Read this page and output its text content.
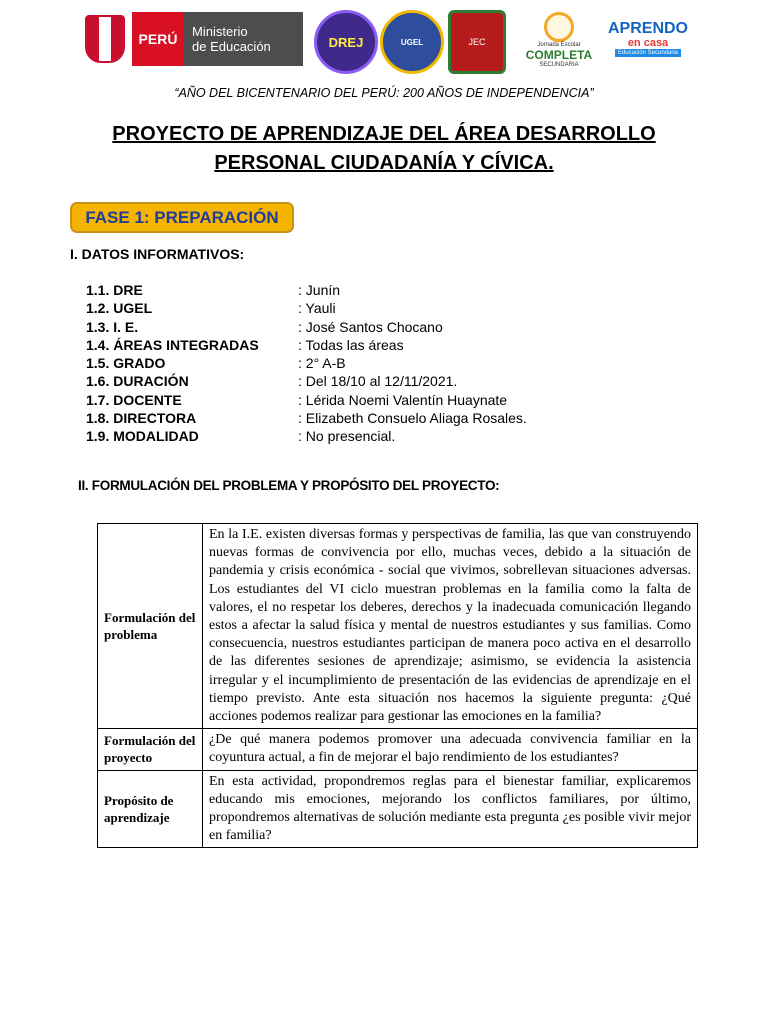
PERÚ	Ministerio
de Educación	DREJ	UGEL	JEC	Jornada Escolar
COMPLETA
SECUNDARIA
APRENDO
en casa
Educación Secundaria
“AÑO DEL BICENTENARIO DEL PERÚ: 200 AÑOS DE INDEPENDENCIA”
PROYECTO DE APRENDIZAJE DEL ÁREA DESARROLLO PERSONAL CIUDADANÍA Y CÍVICA.
FASE 1: PREPARACIÓN
I. DATOS INFORMATIVOS:
1.1. DRE	: Junín
1.2. UGEL	: Yauli
1.3. I. E.	: José Santos Chocano
1.4. ÁREAS INTEGRADAS	: Todas las áreas
1.5. GRADO	: 2° A-B
1.6. DURACIÓN	: Del 18/10 al 12/11/2021.
1.7. DOCENTE	: Lérida Noemi Valentín Huaynate
1.8. DIRECTORA	: Elizabeth Consuelo Aliaga Rosales.
1.9. MODALIDAD	: No presencial.
II. FORMULACIÓN DEL PROBLEMA Y PROPÓSITO DEL PROYECTO:
Formulación del problema	En la I.E. existen diversas formas y perspectivas de familia, las que van construyendo nuevas formas de convivencia por ello, muchas veces, debido a la situación de pandemia y crisis económica - social que vivimos, sobrellevan situaciones adversas. Los estudiantes del VI ciclo muestran problemas en la familia como la falta de valores, el no respetar los deberes, derechos y la inadecuada comunicación llegando estos a afectar la salud física y mental de nuestros estudiantes y sus familias. Como consecuencia, nuestros estudiantes participan de manera poco activa en el desarrollo de las diferentes sesiones de aprendizaje; asimismo, se evidencia la asistencia irregular y el incumplimiento de presentación de las evidencias de aprendizaje en el tiempo previsto. Ante esta situación nos hacemos la siguiente pregunta: ¿Qué acciones podemos realizar para gestionar las emociones en la familia?
Formulación del proyecto	¿De qué manera podemos promover una adecuada convivencia familiar en la coyuntura actual, a fin de mejorar el bajo rendimiento de los estudiantes?
Propósito de aprendizaje	En esta actividad, propondremos reglas para el bienestar familiar, explicaremos educando mis emociones, mejorando los conflictos familiares, por último, propondremos alternativas de solución mediante esta pregunta ¿es posible vivir mejor en familia?
